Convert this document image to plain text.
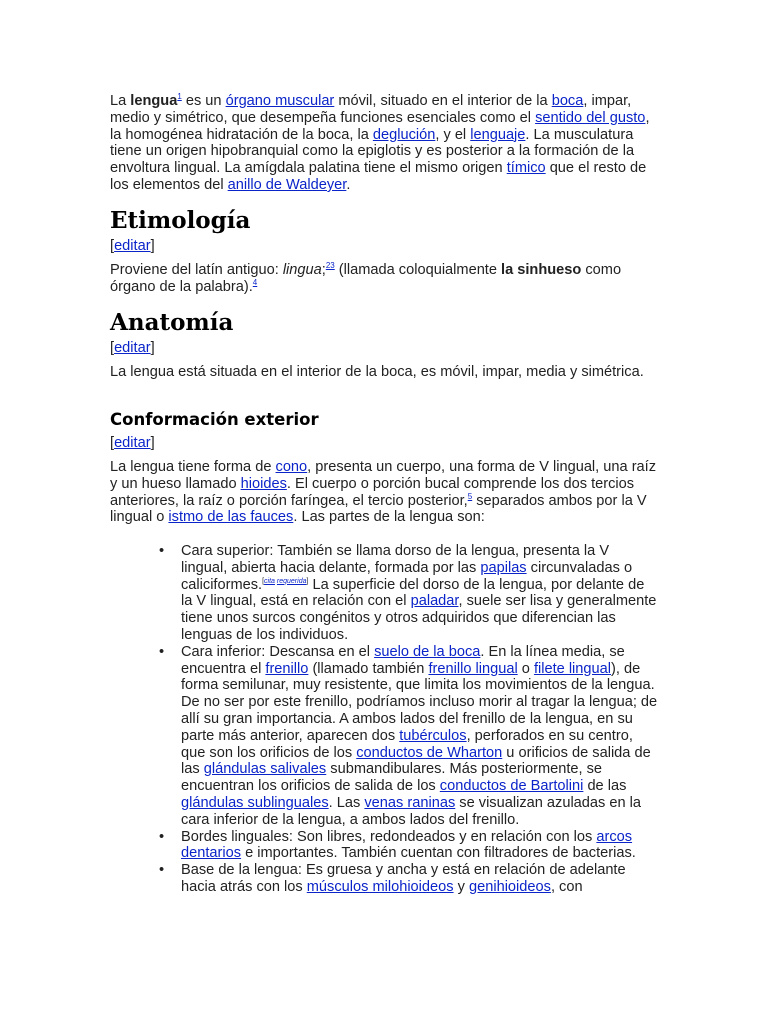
La lengua$^1$ es un órgano muscular móvil, situado en el interior de la boca, impar, medio y simétrico, que desempeña funciones esenciales como el sentido del gusto, la homogénea hidratación de la boca, la deglución, y el lenguaje. La musculatura tiene un origen hipobranquial como la epiglotis y es posterior a la formación de la envoltura lingual. La amígdala palatina tiene el mismo origen tímico que el resto de los elementos del anillo de Waldeyer.

Etimología

[editar]

Proviene del latín antiguo: lingua;$^{23}$ (llamada coloquialmente la sinhueso como órgano de la palabra).$^4$

Anatomía

[editar]

La lengua está situada en el interior de la boca, es móvil, impar, media y simétrica.

Conformación exterior

[editar]

La lengua tiene forma de cono, presenta un cuerpo, una forma de V lingual, una raíz y un hueso llamado hioides. El cuerpo o porción bucal comprende los dos tercios anteriores, la raíz o porción faríngea, el tercio posterior,$^5$ separados ambos por la V lingual o istmo de las fauces. Las partes de la lengua son:

• Cara superior: También se llama dorso de la lengua, presenta la V lingual, abierta hacia delante, formada por las papilas circunvaladas o caliciformes.[cita requerida] La superficie del dorso de la lengua, por delante de la V lingual, está en relación con el paladar, suele ser lisa y generalmente tiene unos surcos congénitos y otros adquiridos que diferencian las lenguas de los individuos.
• Cara inferior: Descansa en el suelo de la boca. En la línea media, se encuentra el frenillo (llamado también frenillo lingual o filete lingual), de forma semilunar, muy resistente, que limita los movimientos de la lengua. De no ser por este frenillo, podríamos incluso morir al tragar la lengua; de allí su gran importancia. A ambos lados del frenillo de la lengua, en su parte más anterior, aparecen dos tubérculos, perforados en su centro, que son los orificios de los conductos de Wharton u orificios de salida de las glándulas salivales submandibulares. Más posteriormente, se encuentran los orificios de salida de los conductos de Bartolini de las glándulas sublinguales. Las venas raninas se visualizan azuladas en la cara inferior de la lengua, a ambos lados del frenillo.
• Bordes linguales: Son libres, redondeados y en relación con los arcos dentarios e importantes. También cuentan con filtradores de bacterias.
• Base de la lengua: Es gruesa y ancha y está en relación de adelante hacia atrás con los músculos milohioideos y genihioideos, con
